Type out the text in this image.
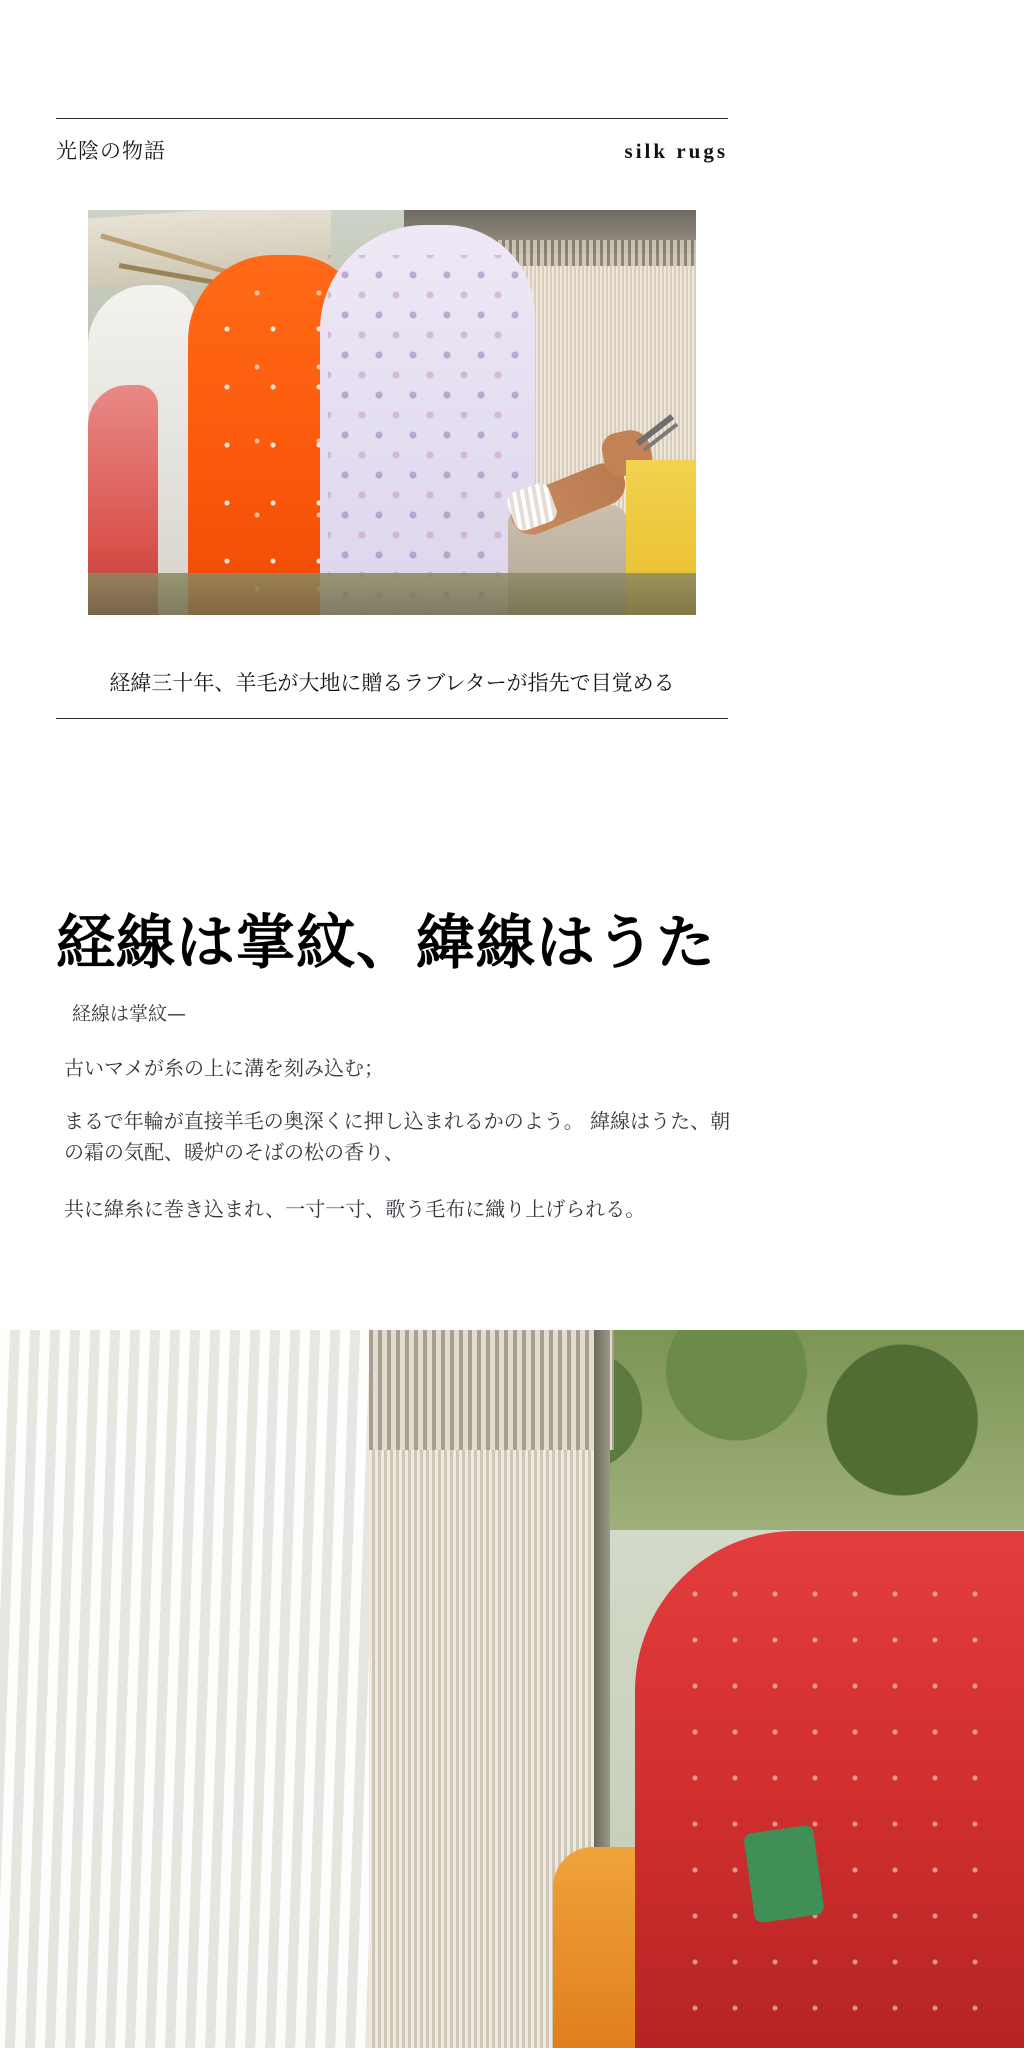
光陰の物語	silk rugs
経緯三十年、羊毛が大地に贈るラブレターが指先で目覚める
経線は掌紋、緯線はうた

経線は掌紋—

古いマメが糸の上に溝を刻み込む；

まるで年輪が直接羊毛の奥深くに押し込まれるかのよう。 緯線はうた、朝の霜の気配、暖炉のそばの松の香り、

共に緯糸に巻き込まれ、一寸一寸、歌う毛布に織り上げられる。
